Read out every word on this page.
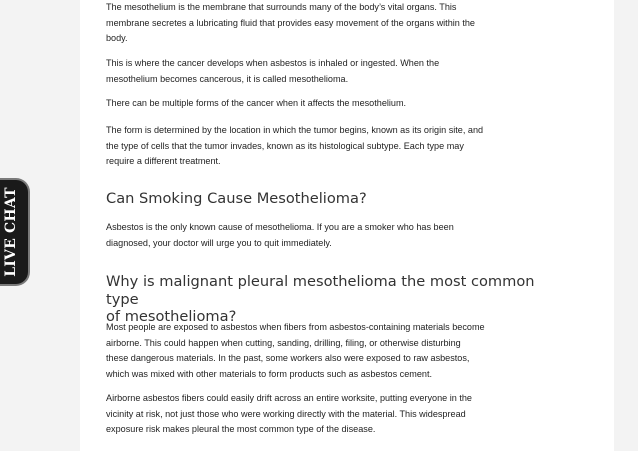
The mesothelium is the membrane that surrounds many of the body’s vital organs. This
membrane secretes a lubricating fluid that provides easy movement of the organs within the
body.

This is where the cancer develops when asbestos is inhaled or ingested. When the
mesothelium becomes cancerous, it is called mesothelioma.

There can be multiple forms of the cancer when it affects the mesothelium.

The form is determined by the location in which the tumor begins, known as its origin site, and
the type of cells that the tumor invades, known as its histological subtype. Each type may
require a different treatment.

Can Smoking Cause Mesothelioma?

Asbestos is the only known cause of mesothelioma. If you are a smoker who has been
diagnosed, your doctor will urge you to quit immediately.

Why is malignant pleural mesothelioma the most common type
of mesothelioma?

Most people are exposed to asbestos when fibers from asbestos-containing materials become
airborne. This could happen when cutting, sanding, drilling, filing, or otherwise disturbing
these dangerous materials. In the past, some workers also were exposed to raw asbestos,
which was mixed with other materials to form products such as asbestos cement.

Airborne asbestos fibers could easily drift across an entire worksite, putting everyone in the
vicinity at risk, not just those who were working directly with the material. This widespread
exposure risk makes pleural the most common type of the disease.

LIVE CHAT
